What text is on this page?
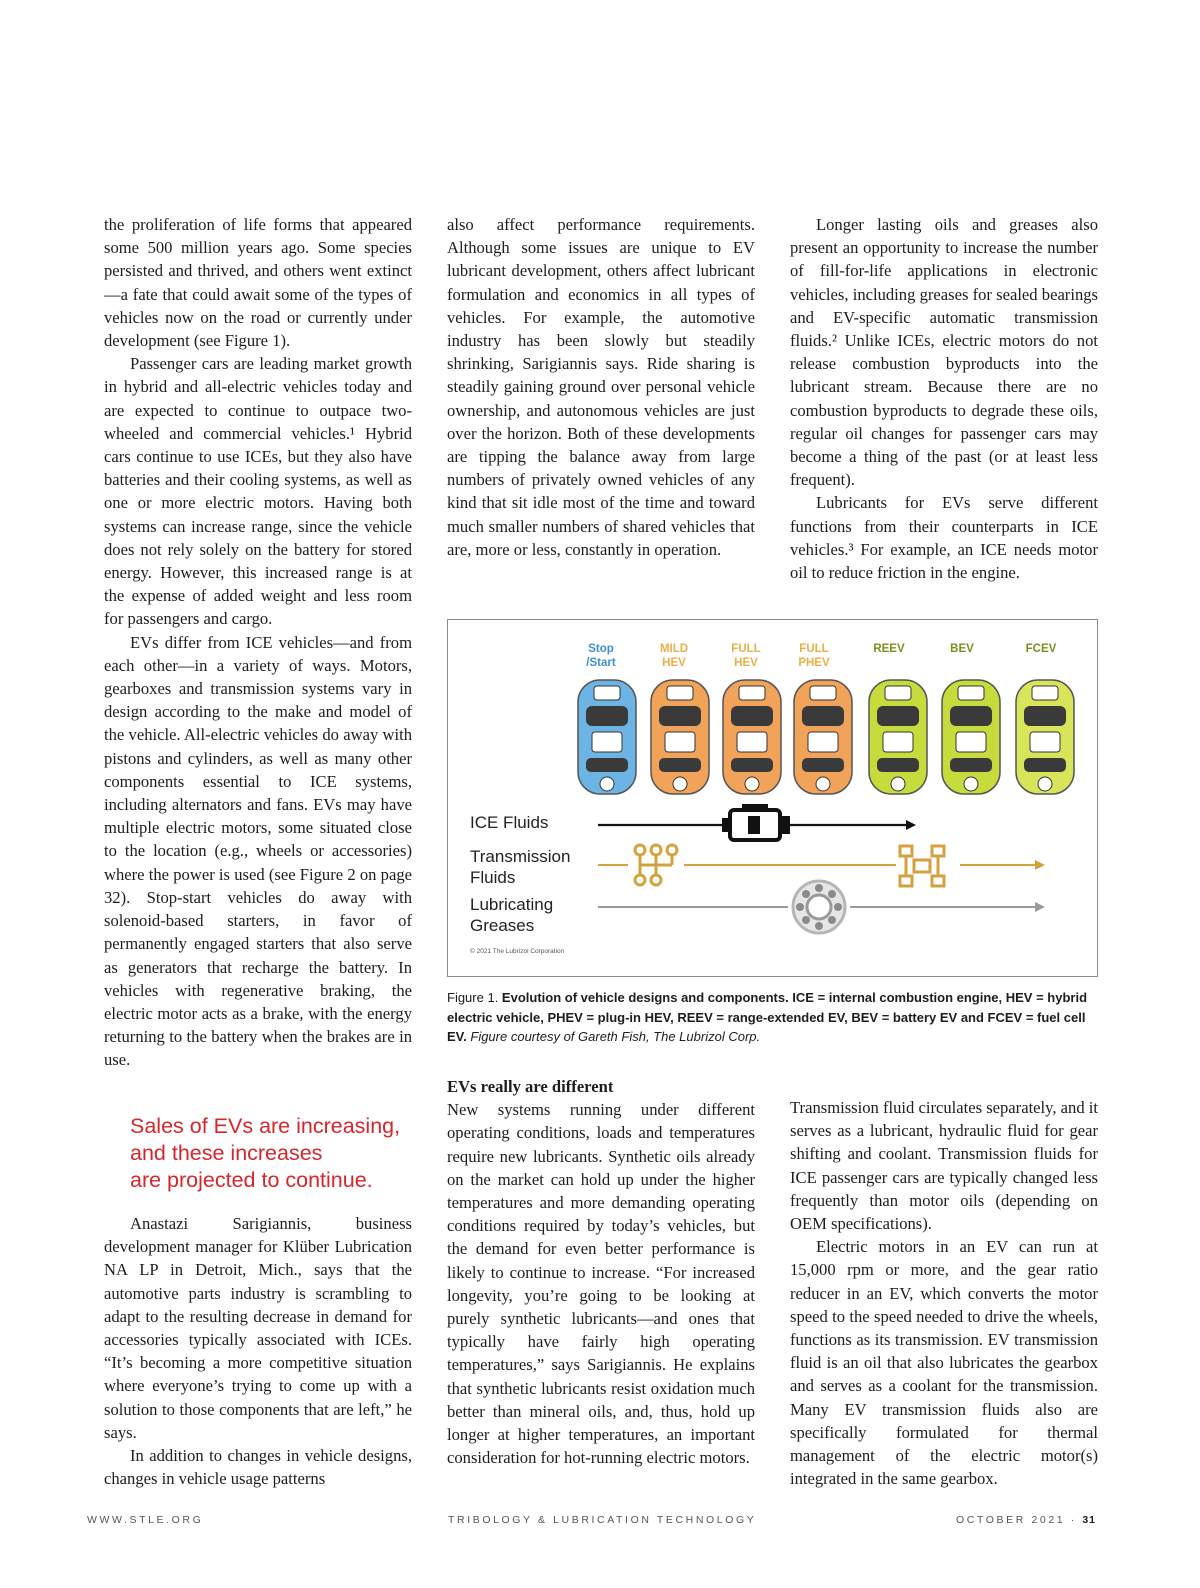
the proliferation of life forms that appeared some 500 million years ago. Some species persisted and thrived, and others went extinct—a fate that could await some of the types of vehicles now on the road or currently under development (see Figure 1).

Passenger cars are leading market growth in hybrid and all-electric vehicles today and are expected to continue to outpace two-wheeled and commercial vehicles.¹ Hybrid cars continue to use ICEs, but they also have batteries and their cooling systems, as well as one or more electric motors. Having both systems can increase range, since the vehicle does not rely solely on the battery for stored energy. However, this increased range is at the expense of added weight and less room for passengers and cargo.

EVs differ from ICE vehicles—and from each other—in a variety of ways. Motors, gearboxes and transmission systems vary in design according to the make and model of the vehicle. All-electric vehicles do away with pistons and cylinders, as well as many other components essential to ICE systems, including alternators and fans. EVs may have multiple electric motors, some situated close to the location (e.g., wheels or accessories) where the power is used (see Figure 2 on page 32). Stop-start vehicles do away with solenoid-based starters, in favor of permanently engaged starters that also serve as generators that recharge the battery. In vehicles with regenerative braking, the electric motor acts as a brake, with the energy returning to the battery when the brakes are in use.

Sales of EVs are increasing,
and these increases
are projected to continue.

Anastazi Sarigiannis, business development manager for Klüber Lubrication NA LP in Detroit, Mich., says that the automotive parts industry is scrambling to adapt to the resulting decrease in demand for accessories typically associated with ICEs. “It’s becoming a more competitive situation where everyone’s trying to come up with a solution to those components that are left,” he says.

In addition to changes in vehicle designs, changes in vehicle usage patterns

also affect performance requirements. Although some issues are unique to EV lubricant development, others affect lubricant formulation and economics in all types of vehicles. For example, the automotive industry has been slowly but steadily shrinking, Sarigiannis says. Ride sharing is steadily gaining ground over personal vehicle ownership, and autonomous vehicles are just over the horizon. Both of these developments are tipping the balance away from large numbers of privately owned vehicles of any kind that sit idle most of the time and toward much smaller numbers of shared vehicles that are, more or less, constantly in operation.

Longer lasting oils and greases also present an opportunity to increase the number of fill-for-life applications in electronic vehicles, including greases for sealed bearings and EV-specific automatic transmission fluids.² Unlike ICEs, electric motors do not release combustion byproducts into the lubricant stream. Because there are no combustion byproducts to degrade these oils, regular oil changes for passenger cars may become a thing of the past (or at least less frequent).

Lubricants for EVs serve different functions from their counterparts in ICE vehicles.³ For example, an ICE needs motor oil to reduce friction in the engine.

Stop
/Start
MILD
HEV
FULL
HEV
FULL
PHEV
REEV	BEV	FCEV
ICE Fluids
Transmission
Fluids
Lubricating
Greases
© 2021 The Lubrizol Corporation
Figure 1. Evolution of vehicle designs and components. ICE = internal combustion engine, HEV = hybrid electric vehicle, PHEV = plug-in HEV, REEV = range-extended EV, BEV = battery EV and FCEV = fuel cell EV. Figure courtesy of Gareth Fish, The Lubrizol Corp.

EVs really are different

New systems running under different operating conditions, loads and temperatures require new lubricants. Synthetic oils already on the market can hold up under the higher temperatures and more demanding operating conditions required by today’s vehicles, but the demand for even better performance is likely to continue to increase. “For increased longevity, you’re going to be looking at purely synthetic lubricants—and ones that typically have fairly high operating temperatures,” says Sarigiannis. He explains that synthetic lubricants resist oxidation much better than mineral oils, and, thus, hold up longer at higher temperatures, an important consideration for hot-running electric motors.

Transmission fluid circulates separately, and it serves as a lubricant, hydraulic fluid for gear shifting and coolant. Transmission fluids for ICE passenger cars are typically changed less frequently than motor oils (depending on OEM specifications).

Electric motors in an EV can run at 15,000 rpm or more, and the gear ratio reducer in an EV, which converts the motor speed to the speed needed to drive the wheels, functions as its transmission. EV transmission fluid is an oil that also lubricates the gearbox and serves as a coolant for the transmission. Many EV transmission fluids also are specifically formulated for thermal management of the electric motor(s) integrated in the same gearbox.

WWW.STLE.ORG	TRIBOLOGY & LUBRICATION TECHNOLOGY	OCTOBER 2021 · 31
